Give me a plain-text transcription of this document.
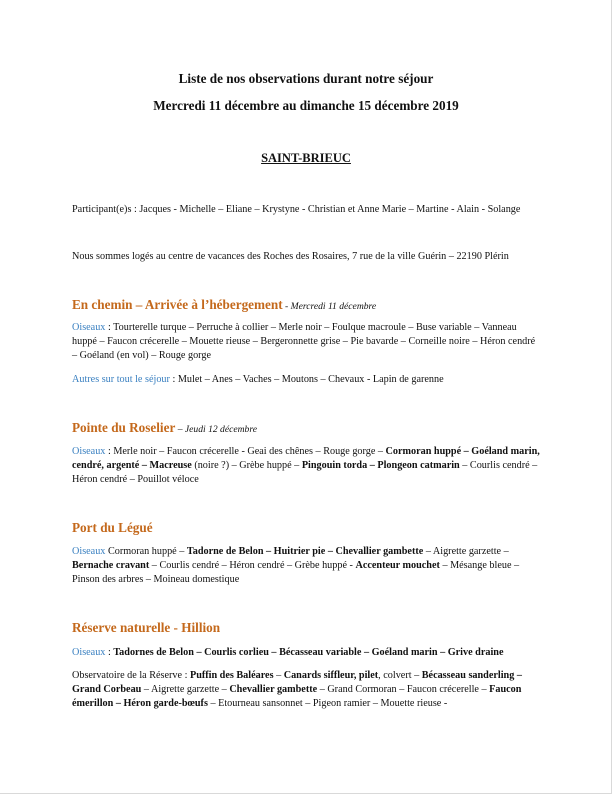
Liste de nos observations durant notre séjour
Mercredi 11 décembre au dimanche 15 décembre 2019
SAINT-BRIEUC
Participant(e)s : Jacques - Michelle – Eliane – Krystyne - Christian et Anne Marie – Martine - Alain - Solange
Nous sommes logés au centre de vacances des Roches des Rosaires, 7 rue de la ville Guérin – 22190 Plérin
En chemin – Arrivée à l’hébergement - Mercredi 11 décembre
Oiseaux : Tourterelle turque – Perruche à collier – Merle noir – Foulque macroule – Buse variable – Vanneau huppé – Faucon crécerelle – Mouette rieuse – Bergeronnette grise – Pie bavarde – Corneille noire – Héron cendré – Goéland (en vol) – Rouge gorge
Autres sur tout le séjour : Mulet – Anes – Vaches – Moutons – Chevaux - Lapin de garenne
Pointe du Roselier – Jeudi 12 décembre
Oiseaux : Merle noir – Faucon crécerelle - Geai des chênes – Rouge gorge – Cormoran huppé – Goéland marin, cendré, argenté – Macreuse (noire ?) – Grèbe huppé – Pingouin torda – Plongeon catmarin – Courlis cendré – Héron cendré – Pouillot véloce
Port du Légué
Oiseaux Cormoran huppé – Tadorne de Belon – Huitrier pie – Chevallier gambette – Aigrette garzette – Bernache cravant – Courlis cendré – Héron cendré – Grèbe huppé - Accenteur mouchet – Mésange bleue – Pinson des arbres – Moineau domestique
Réserve naturelle - Hillion
Oiseaux : Tadornes de Belon – Courlis corlieu – Bécasseau variable – Goéland marin – Grive draine
Observatoire de la Réserve : Puffin des Baléares – Canards siffleur, pilet, colvert – Bécasseau sanderling – Grand Corbeau – Aigrette garzette – Chevallier gambette – Grand Cormoran – Faucon crécerelle – Faucon émerillon – Héron garde-bœufs – Etourneau sansonnet – Pigeon ramier – Mouette rieuse -
